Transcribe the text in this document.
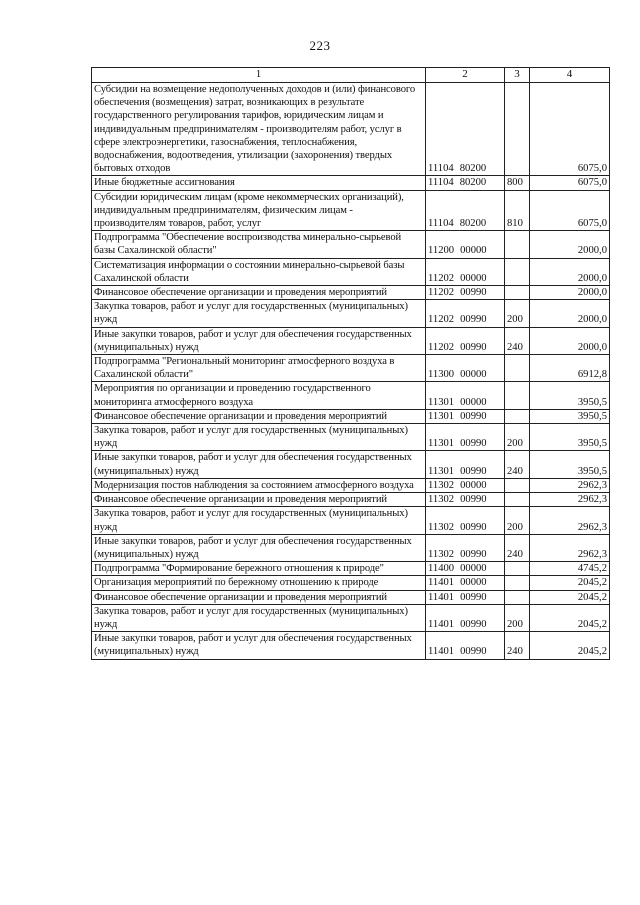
223
1	2	3	4
Субсидии на возмещение недополученных доходов и (или) финансового обеспечения (возмещения) затрат, возникающих в результате государственного регулирования тарифов, юридическим лицам и индивидуальным предпринимателям - производителям работ, услуг в сфере электроэнергетики, газоснабжения, теплоснабжения, водоснабжения, водоотведения, утилизации (захоронения) твердых бытовых отходов	11104 80200		6075,0
Иные бюджетные ассигнования	11104 80200	800	6075,0
Субсидии юридическим лицам (кроме некоммерческих организаций), индивидуальным предпринимателям, физическим лицам - производителям товаров, работ, услуг	11104 80200	810	6075,0
Подпрограмма "Обеспечение воспроизводства минерально-сырьевой базы Сахалинской области"	11200 00000		2000,0
Систематизация информации о состоянии минерально-сырьевой базы Сахалинской области	11202 00000		2000,0
Финансовое обеспечение организации и проведения мероприятий	11202 00990		2000,0
Закупка товаров, работ и услуг для государственных (муниципальных) нужд	11202 00990	200	2000,0
Иные закупки товаров, работ и услуг для обеспечения государственных (муниципальных) нужд	11202 00990	240	2000,0
Подпрограмма "Региональный мониторинг атмосферного воздуха в Сахалинской области"	11300 00000		6912,8
Мероприятия по организации и проведению государственного мониторинга атмосферного воздуха	11301 00000		3950,5
Финансовое обеспечение организации и проведения мероприятий	11301 00990		3950,5
Закупка товаров, работ и услуг для государственных (муниципальных) нужд	11301 00990	200	3950,5
Иные закупки товаров, работ и услуг для обеспечения государственных (муниципальных) нужд	11301 00990	240	3950,5
Модернизация постов наблюдения за состоянием атмосферного воздуха	11302 00000		2962,3
Финансовое обеспечение организации и проведения мероприятий	11302 00990		2962,3
Закупка товаров, работ и услуг для государственных (муниципальных) нужд	11302 00990	200	2962,3
Иные закупки товаров, работ и услуг для обеспечения государственных (муниципальных) нужд	11302 00990	240	2962,3
Подпрограмма "Формирование бережного отношения к природе"	11400 00000		4745,2
Организация мероприятий по бережному отношению к природе	11401 00000		2045,2
Финансовое обеспечение организации и проведения мероприятий	11401 00990		2045,2
Закупка товаров, работ и услуг для государственных (муниципальных) нужд	11401 00990	200	2045,2
Иные закупки товаров, работ и услуг для обеспечения государственных (муниципальных) нужд	11401 00990	240	2045,2
